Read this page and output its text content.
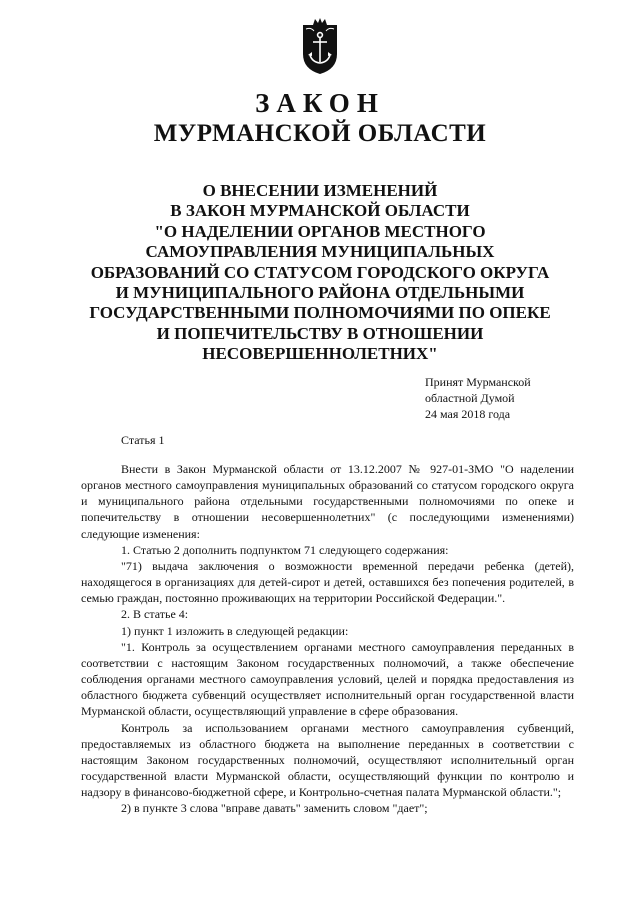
ЗАКОН
МУРМАНСКОЙ ОБЛАСТИ
О ВНЕСЕНИИ ИЗМЕНЕНИЙ
В ЗАКОН МУРМАНСКОЙ ОБЛАСТИ
"О НАДЕЛЕНИИ ОРГАНОВ МЕСТНОГО
САМОУПРАВЛЕНИЯ МУНИЦИПАЛЬНЫХ
ОБРАЗОВАНИЙ СО СТАТУСОМ ГОРОДСКОГО ОКРУГА
И МУНИЦИПАЛЬНОГО РАЙОНА ОТДЕЛЬНЫМИ
ГОСУДАРСТВЕННЫМИ ПОЛНОМОЧИЯМИ ПО ОПЕКЕ
И ПОПЕЧИТЕЛЬСТВУ В ОТНОШЕНИИ
НЕСОВЕРШЕННОЛЕТНИХ"
Принят Мурманской
областной Думой
24 мая 2018 года
Статья 1

Внести в Закон Мурманской области от 13.12.2007 № 927-01-ЗМО "О наделении органов местного самоуправления муниципальных образований со статусом городского округа и муниципального района отдельными государственными полномочиями по опеке и попечительству в отношении несовершеннолетних" (с последующими изменениями) следующие изменения:

1. Статью 2 дополнить подпунктом 71 следующего содержания:

"71) выдача заключения о возможности временной передачи ребенка (детей), находящегося в организациях для детей-сирот и детей, оставшихся без попечения родителей, в семью граждан, постоянно проживающих на территории Российской Федерации.".

2. В статье 4:

1) пункт 1 изложить в следующей редакции:

"1. Контроль за осуществлением органами местного самоуправления переданных в соответствии с настоящим Законом государственных полномочий, а также обеспечение соблюдения органами местного самоуправления условий, целей и порядка предоставления из областного бюджета субвенций осуществляет исполнительный орган государственной власти Мурманской области, осуществляющий управление в сфере образования.

Контроль за использованием органами местного самоуправления субвенций, предоставляемых из областного бюджета на выполнение переданных в соответствии с настоящим Законом государственных полномочий, осуществляют исполнительный орган государственной власти Мурманской области, осуществляющий функции по контролю и надзору в финансово-бюджетной сфере, и Контрольно-счетная палата Мурманской области.";

2) в пункте 3 слова "вправе давать" заменить словом "дает";
